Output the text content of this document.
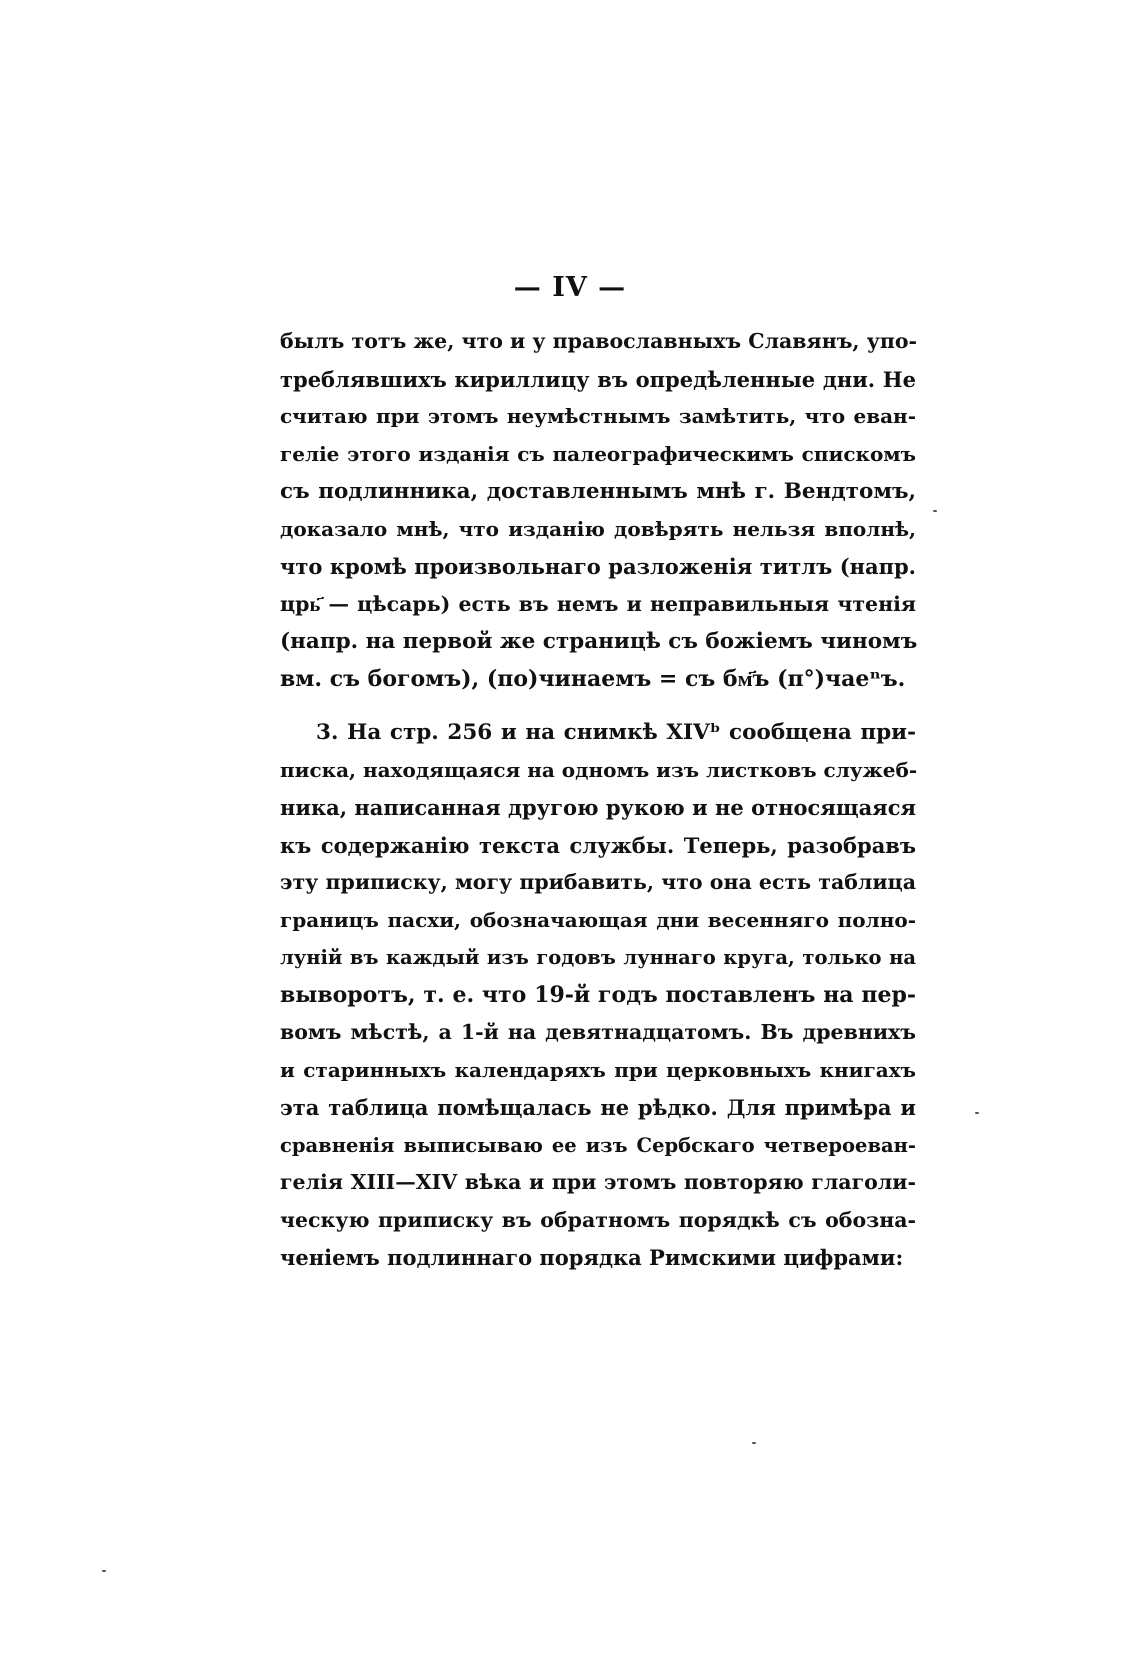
— IV —
былъ тотъ же, что и у православныхъ Славянъ, упо-
треблявшихъ кириллицу въ опредѣленные дни. Не
считаю при этомъ неумѣстнымъ замѣтить, что еван-
геліе этого изданія съ палеографическимъ спискомъ
съ подлинника, доставленнымъ мнѣ г. Вендтомъ,
доказало мнѣ, что изданію довѣрять нельзя вполнѣ,
что кромѣ произвольнаго разложенія титлъ (напр.
црь҃ — цѣсарь) есть въ немъ и неправильныя чтенія
(напр. на первой же страницѣ съ божіемъ чиномъ
вм. съ богомъ), (по)чинаемъ = съ бм҃ъ (п°)чаеⁿъ.
3. На стр. 256 и на снимкѣ XIVᵇ сообщена при-
писка, находящаяся на одномъ изъ листковъ служеб-
ника, написанная другою рукою и не относящаяся
къ содержанію текста службы. Теперь, разобравъ
эту приписку, могу прибавить, что она есть таблица
границъ пасхи, обозначающая дни весенняго полно-
луній въ каждый изъ годовъ луннаго круга, только на
выворотъ, т. е. что 19-й годъ поставленъ на пер-
вомъ мѣстѣ, а 1-й на девятнадцатомъ. Въ древнихъ
и старинныхъ календаряхъ при церковныхъ книгахъ
эта таблица помѣщалась не рѣдко. Для примѣра и
сравненія выписываю ее изъ Сербскаго четвероеван-
гелія XIII—XIV вѣка и при этомъ повторяю глаголи-
ческую приписку въ обратномъ порядкѣ съ обозна-
ченіемъ подлиннаго порядка Римскими цифрами:
